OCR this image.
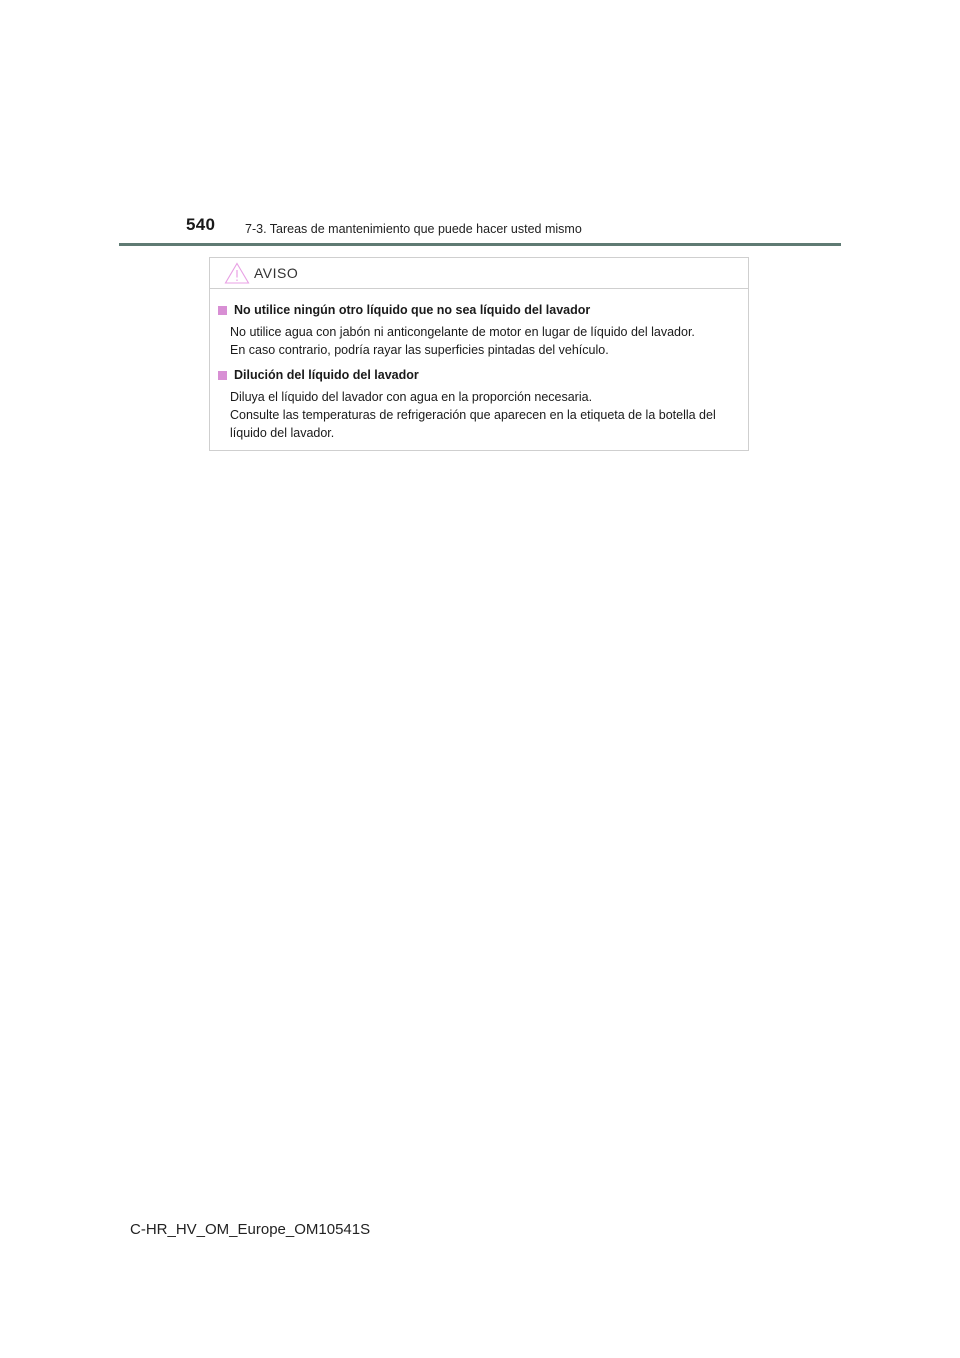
540 7-3. Tareas de mantenimiento que puede hacer usted mismo
AVISO
No utilice ningún otro líquido que no sea líquido del lavador

No utilice agua con jabón ni anticongelante de motor en lugar de líquido del lavador.

En caso contrario, podría rayar las superficies pintadas del vehículo.

Dilución del líquido del lavador

Diluya el líquido del lavador con agua en la proporción necesaria.

Consulte las temperaturas de refrigeración que aparecen en la etiqueta de la botella del líquido del lavador.

C-HR_HV_OM_Europe_OM10541S
